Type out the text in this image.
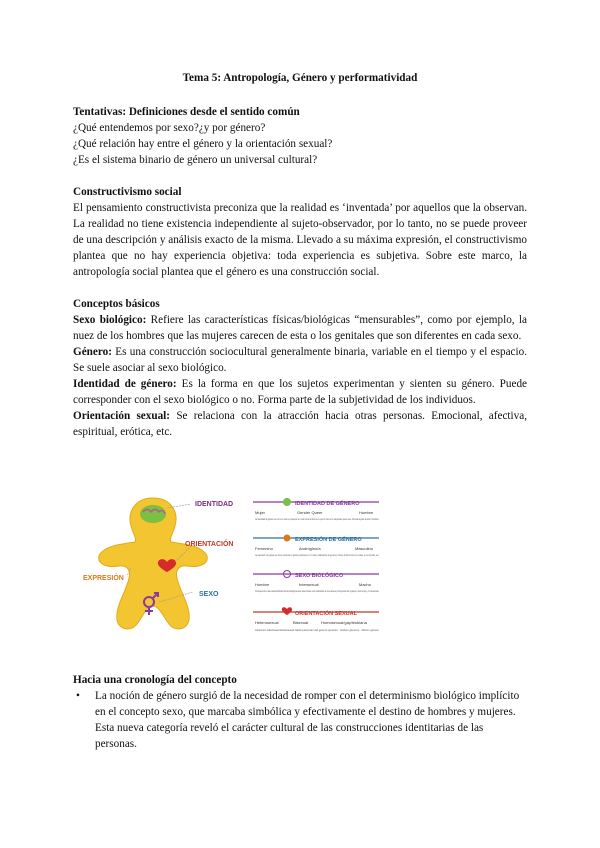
Tema 5: Antropología, Género y performatividad
Tentativas: Definiciones desde el sentido común
¿Qué entendemos por sexo?¿y por género?
¿Qué relación hay entre el género y la orientación sexual?
¿Es el sistema binario de género un universal cultural?
Constructivismo social
El pensamiento constructivista preconiza que la realidad es ‘inventada’ por aquellos que la observan. La realidad no tiene existencia independiente al sujeto-observador, por lo tanto, no se puede proveer de una descripción y análisis exacto de la misma. Llevado a su máxima expresión, el constructivismo plantea que no hay experiencia objetiva: toda experiencia es subjetiva. Sobre este marco, la antropología social plantea que el género es una construcción social.
Conceptos básicos
Sexo biológico: Refiere las características físicas/biológicas “mensurables”, como por ejemplo, la nuez de los hombres que las mujeres carecen de esta o los genitales que son diferentes en cada sexo.
Género: Es una construcción sociocultural generalmente binaria, variable en el tiempo y el espacio. Se suele asociar al sexo biológico.
Identidad de género: Es la forma en que los sujetos experimentan y sienten su género. Puede corresponder con el sexo biológico o no. Forma parte de la subjetividad de los individuos.
Orientación sexual: Se relaciona con la atracción hacia otras personas. Emocional, afectiva, espiritual, erótica, etc.
IDENTIDAD
ORIENTACIÓN
EXPRESIÓN
SEXO
IDENTIDAD DE GÉNERO
Mujer	Gender Queer	Hombre
La identidad de género es cómo tú mismo (respecto a ti mismo) Es la forma en que tú mismo te interpretas quien eres. Me sale ayuda al tener hombres.
EXPRESIÓN DE GÉNERO
Femenino	Andrógino/a	Masculino
La expresión de género es cómo expresas tu género (acciones en tu vida y tratamiento de género), incluye la forma como tu vistes, te comportas, etc.
SEXO BIOLÓGICO
Hombre	Intersexual	Macho
Corresponde a las características físicas biológicas que determinan a los individuos a nivel sexual, incluyendo las órganos, hormonas y cromosomas.
ORIENTACIÓN SEXUAL
Heterosexual	Bisexual	Homosexual/gay/lesbiana
Atracción afectiva/erótica/sexual hacia personas del género opuesto · Ambos géneros · Mismo género
Hacia una cronología del concepto
• La noción de género surgió de la necesidad de romper con el determinismo biológico implícito en el concepto sexo, que marcaba simbólica y efectivamente el destino de hombres y mujeres. Esta nueva categoría reveló el carácter cultural de las construcciones identitarias de las personas.
